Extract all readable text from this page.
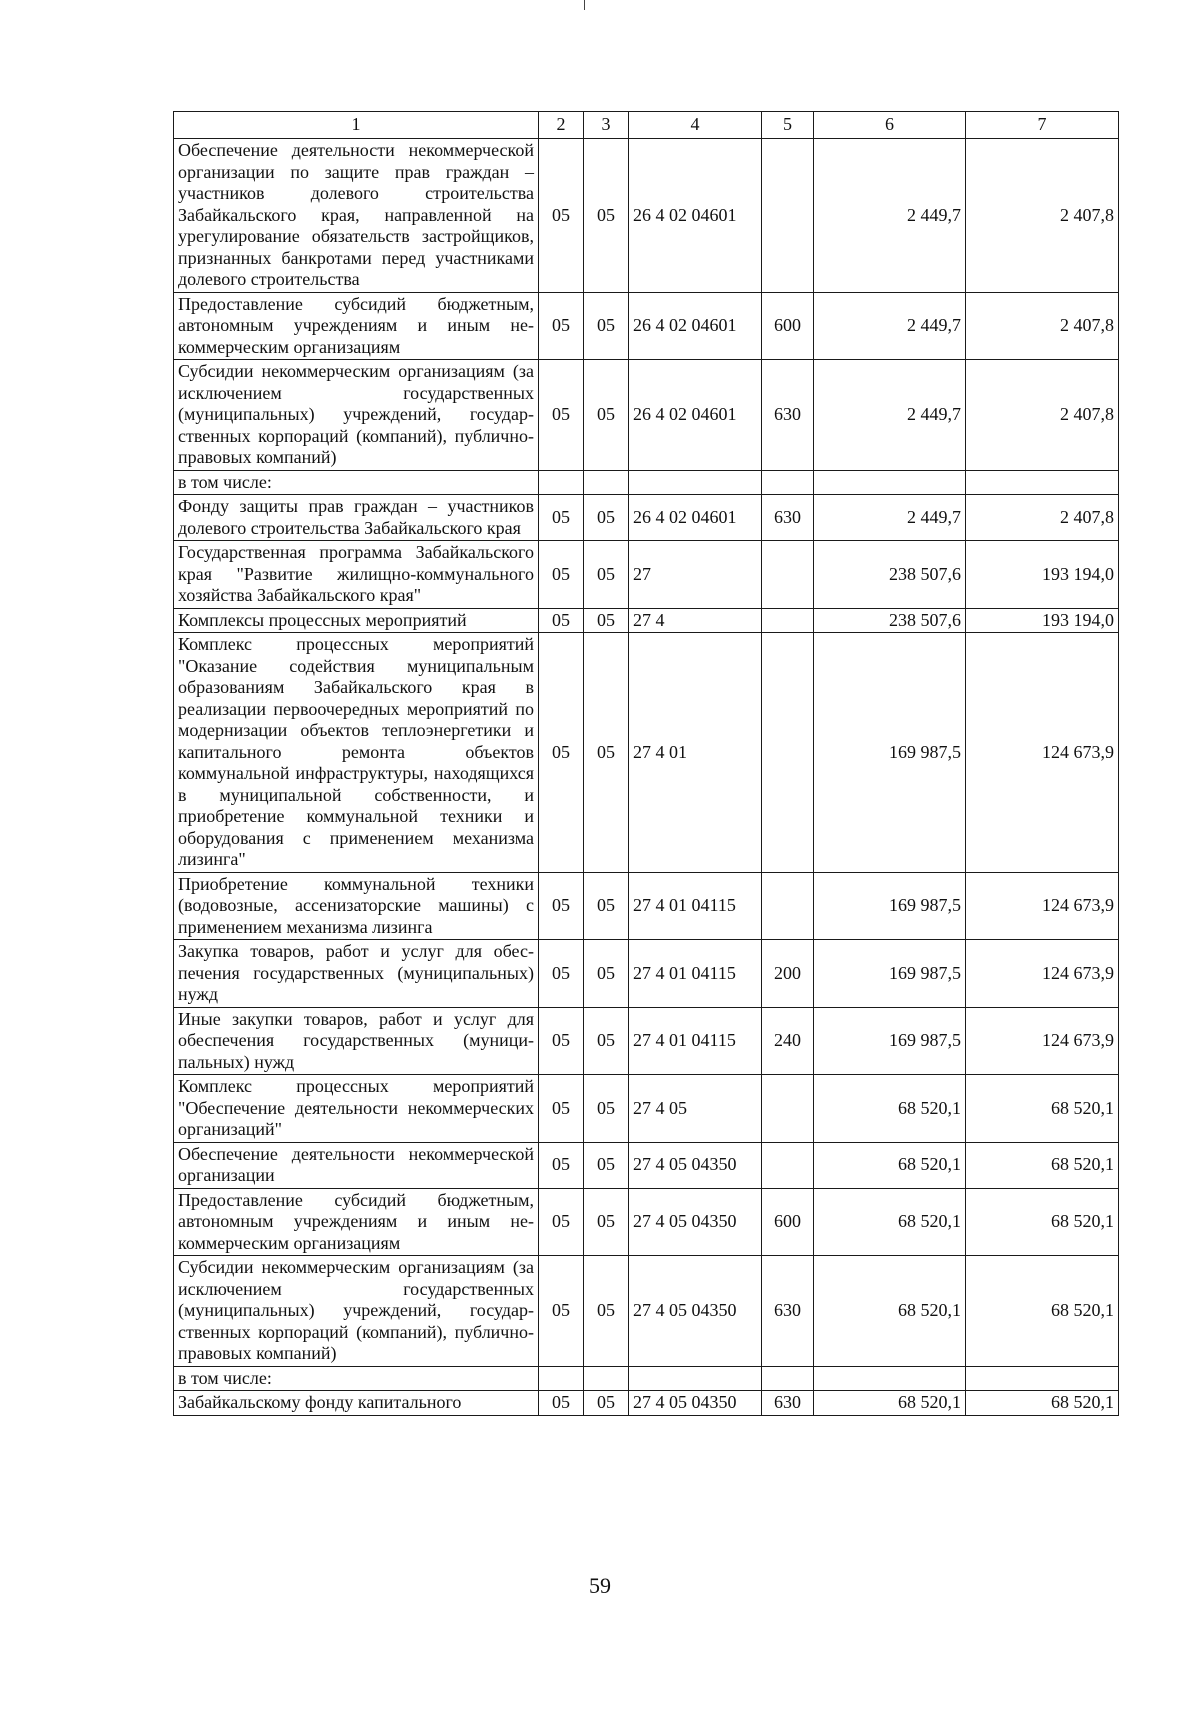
1	2	3	4	5	6	7
Обеспечение деятельности некоммерческой организации по защите прав граждан – участников долевого строительства Забайкальского края, направленной на урегулирование обязательств застройщиков, признанных банкротами перед участниками долевого строительства	05	05	26 4 02 04601		2 449,7	2 407,8
Предоставление субсидий бюджетным, автономным учреждениям и иным некоммерческим организациям	05	05	26 4 02 04601	600	2 449,7	2 407,8
Субсидии некоммерческим организациям (за исключением государственных (муниципальных) учреждений, государственных корпораций (компаний), публично-правовых компаний)	05	05	26 4 02 04601	630	2 449,7	2 407,8
в том числе:						
Фонду защиты прав граждан – участников долевого строительства Забайкальского края	05	05	26 4 02 04601	630	2 449,7	2 407,8
Государственная программа Забайкальского края "Развитие жилищно-коммунального хозяйства Забайкальского края"	05	05	27		238 507,6	193 194,0
Комплексы процессных мероприятий	05	05	27 4		238 507,6	193 194,0
Комплекс процессных мероприятий "Оказание содействия муниципальным образованиям Забайкальского края в реализации первоочередных мероприятий по модернизации объектов теплоэнергетики и капитального ремонта объектов коммунальной инфраструктуры, находящихся в муниципальной собственности, и приобретение коммунальной техники и оборудования с применением механизма лизинга"	05	05	27 4 01		169 987,5	124 673,9
Приобретение коммунальной техники (водовозные, ассенизаторские машины) с применением механизма лизинга	05	05	27 4 01 04115		169 987,5	124 673,9
Закупка товаров, работ и услуг для обеспечения государственных (муниципальных) нужд	05	05	27 4 01 04115	200	169 987,5	124 673,9
Иные закупки товаров, работ и услуг для обеспечения государственных (муниципальных) нужд	05	05	27 4 01 04115	240	169 987,5	124 673,9
Комплекс процессных мероприятий "Обеспечение деятельности некоммерческих организаций"	05	05	27 4 05		68 520,1	68 520,1
Обеспечение деятельности некоммерческой организации	05	05	27 4 05 04350		68 520,1	68 520,1
Предоставление субсидий бюджетным, автономным учреждениям и иным некоммерческим организациям	05	05	27 4 05 04350	600	68 520,1	68 520,1
Субсидии некоммерческим организациям (за исключением государственных (муниципальных) учреждений, государственных корпораций (компаний), публично-правовых компаний)	05	05	27 4 05 04350	630	68 520,1	68 520,1
в том числе:						
Забайкальскому фонду капитального	05	05	27 4 05 04350	630	68 520,1	68 520,1
59
